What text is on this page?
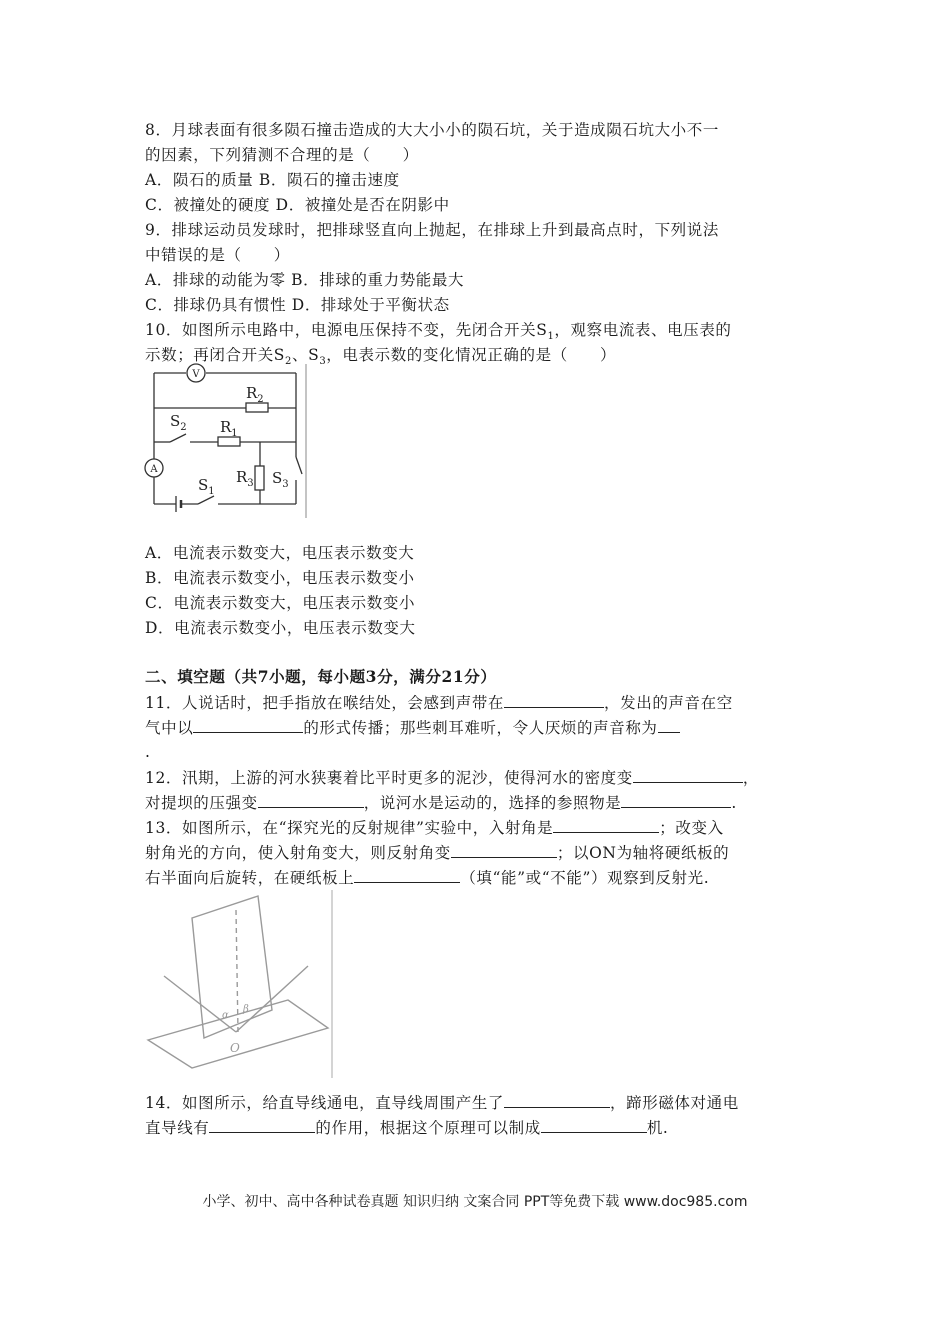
8．月球表面有很多陨石撞击造成的大大小小的陨石坑，关于造成陨石坑大小不一
的因素，下列猜测不合理的是（　　）
A．陨石的质量 B．陨石的撞击速度
C．被撞处的硬度 D．被撞处是否在阴影中
9．排球运动员发球时，把排球竖直向上抛起，在排球上升到最高点时，下列说法
中错误的是（　　）
A．排球的动能为零 B．排球的重力势能最大
C．排球仍具有惯性 D．排球处于平衡状态
10．如图所示电路中，电源电压保持不变，先闭合开关$S_1$，观察电流表、电压表的
示数；再闭合开关$S_2$、$S_3$，电表示数的变化情况正确的是（　　）
V
A
$R_2$
$R_1$
$R_3$
$S_2$
$S_3$
$S_1$
A．电流表示数变大，电压表示数变大
B．电流表示数变小，电压表示数变小
C．电流表示数变大，电压表示数变小
D．电流表示数变小，电压表示数变大
二、填空题（共7小题，每小题3分，满分21分）
11．人说话时，把手指放在喉结处，会感到声带在	，发出的声音在空
气中以	的形式传播；那些刺耳难听，令人厌烦的声音称为
.
12．汛期，上游的河水狭裹着比平时更多的泥沙，使得河水的密度变	，
对提坝的压强变	，说河水是运动的，选择的参照物是	.
13．如图所示，在“探究光的反射规律”实验中，入射角是	；改变入
射角光的方向，使入射角变大，则反射角变	；以ON为轴将硬纸板的
右半面向后旋转，在硬纸板上	（填“能”或“不能”）观察到反射光.
α
β
O
14．如图所示，给直导线通电，直导线周围产生了	，蹄形磁体对通电
直导线有	的作用，根据这个原理可以制成	机.
小学、初中、高中各种试卷真题 知识归纳 文案合同 PPT等免费下载 www.doc985.com
